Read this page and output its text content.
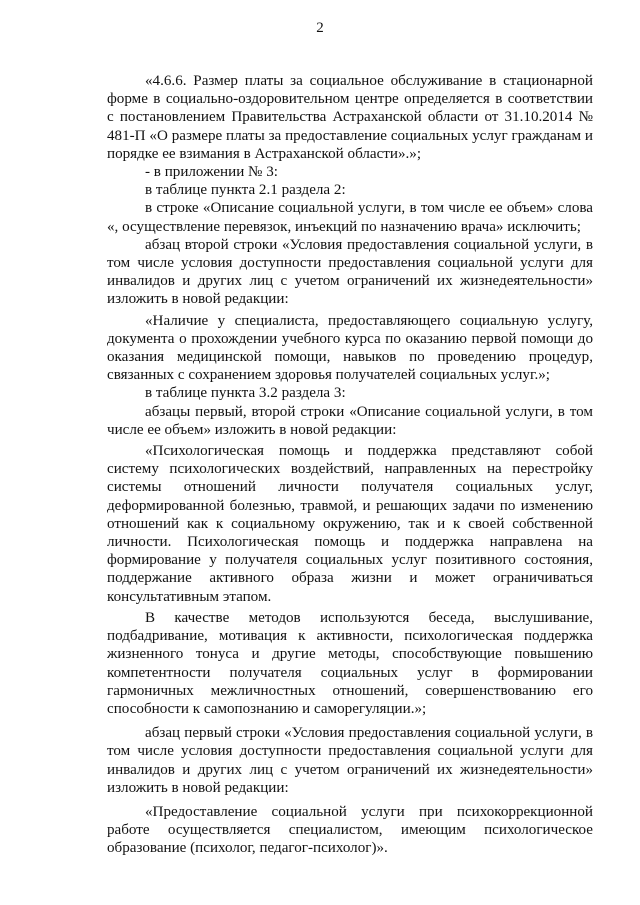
2

«4.6.6. Размер платы за социальное обслуживание в стационарной форме в социально-оздоровительном центре определяется в соответствии с постановлением Правительства Астраханской области от 31.10.2014 № 481-П «О размере платы за предоставление социальных услуг гражданам и порядке ее взимания в Астраханской области».»;

- в приложении № 3:

в таблице пункта 2.1 раздела 2:

в строке «Описание социальной услуги, в том числе ее объем» слова «, осуществление перевязок, инъекций по назначению врача» исключить;

абзац второй строки «Условия предоставления социальной услуги, в том числе условия доступности предоставления социальной услуги для инвалидов и других лиц с учетом ограничений их жизнедеятельности» изложить в новой редакции:

«Наличие у специалиста, предоставляющего социальную услугу, документа о прохождении учебного курса по оказанию первой помощи до оказания медицинской помощи, навыков по проведению процедур, связанных с сохранением здоровья получателей социальных услуг.»;

в таблице пункта 3.2 раздела 3:

абзацы первый, второй строки «Описание социальной услуги, в том числе ее объем» изложить в новой редакции:

«Психологическая помощь и поддержка представляют собой систему психологических воздействий, направленных на перестройку системы отношений личности получателя социальных услуг, деформированной болезнью, травмой, и решающих задачи по изменению отношений как к социальному окружению, так и к своей собственной личности. Психологическая помощь и поддержка направлена на формирование у получателя социальных услуг позитивного состояния, поддержание активного образа жизни и может ограничиваться консультативным этапом.

В качестве методов используются беседа, выслушивание, подбадривание, мотивация к активности, психологическая поддержка жизненного тонуса и другие методы, способствующие повышению компетентности получателя социальных услуг в формировании гармоничных межличностных отношений, совершенствованию его способности к самопознанию и саморегуляции.»;

абзац первый строки «Условия предоставления социальной услуги, в том числе условия доступности предоставления социальной услуги для инвалидов и других лиц с учетом ограничений их жизнедеятельности» изложить в новой редакции:

«Предоставление социальной услуги при психокоррекционной работе осуществляется специалистом, имеющим психологическое образование (психолог, педагог-психолог)».
